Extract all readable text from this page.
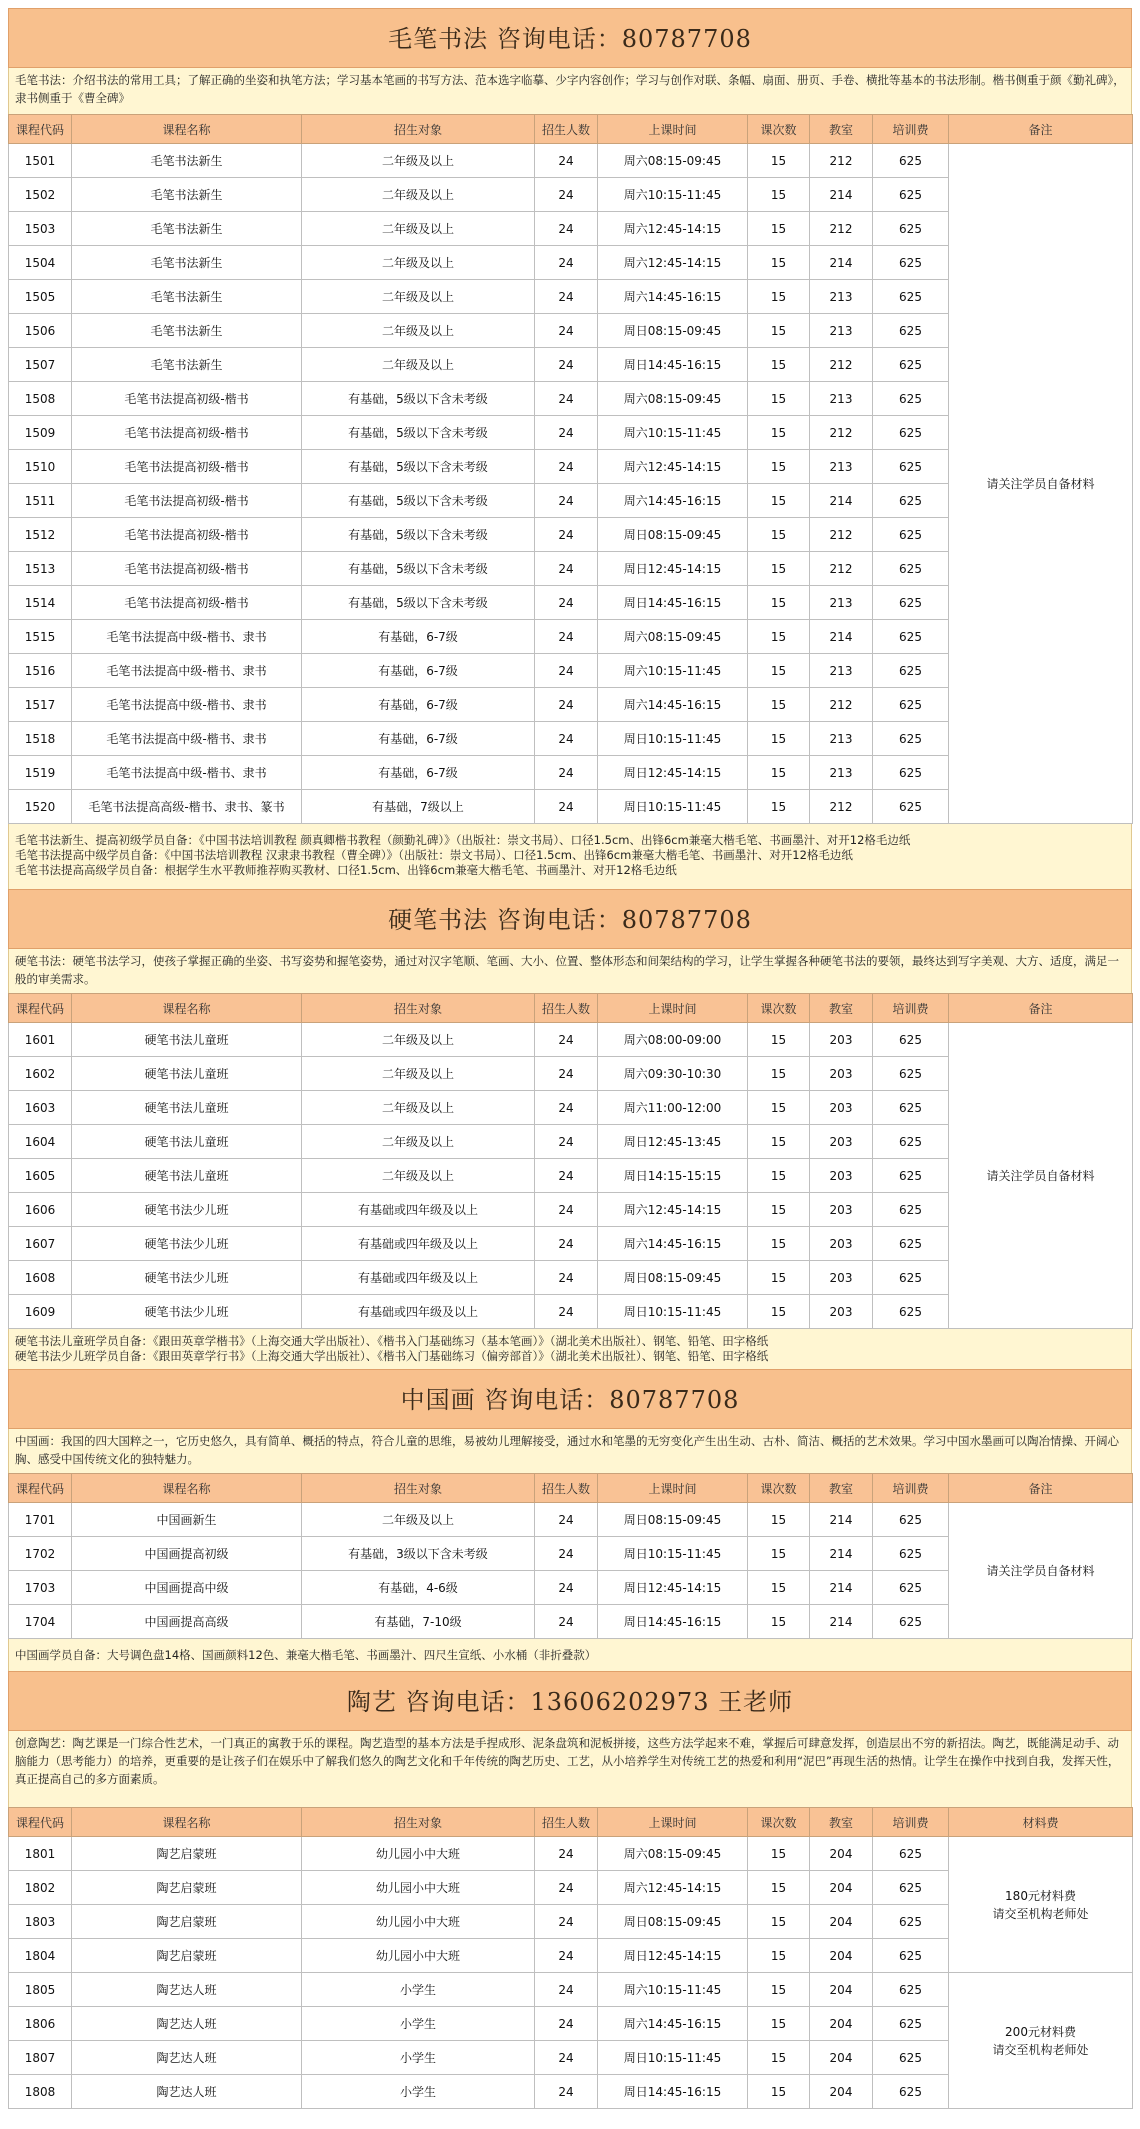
毛笔书法 咨询电话：80787708
毛笔书法：介绍书法的常用工具；了解正确的坐姿和执笔方法；学习基本笔画的书写方法、范本选字临摹、少字内容创作；学习与创作对联、条幅、扇面、册页、手卷、横批等基本的书法形制。楷书侧重于颜《勤礼碑》，隶书侧重于《曹全碑》
课程代码	课程名称	招生对象	招生人数	上课时间	课次数	教室	培训费	备注
1501	毛笔书法新生	二年级及以上	24	周六08:15-09:45	15	212	625	请关注学员自备材料
1502	毛笔书法新生	二年级及以上	24	周六10:15-11:45	15	214	625	
1503	毛笔书法新生	二年级及以上	24	周六12:45-14:15	15	212	625	
1504	毛笔书法新生	二年级及以上	24	周六12:45-14:15	15	214	625	
1505	毛笔书法新生	二年级及以上	24	周六14:45-16:15	15	213	625	
1506	毛笔书法新生	二年级及以上	24	周日08:15-09:45	15	213	625	
1507	毛笔书法新生	二年级及以上	24	周日14:45-16:15	15	212	625	
1508	毛笔书法提高初级-楷书	有基础，5级以下含未考级	24	周六08:15-09:45	15	213	625	
1509	毛笔书法提高初级-楷书	有基础，5级以下含未考级	24	周六10:15-11:45	15	212	625	
1510	毛笔书法提高初级-楷书	有基础，5级以下含未考级	24	周六12:45-14:15	15	213	625	
1511	毛笔书法提高初级-楷书	有基础，5级以下含未考级	24	周六14:45-16:15	15	214	625	
1512	毛笔书法提高初级-楷书	有基础，5级以下含未考级	24	周日08:15-09:45	15	212	625	
1513	毛笔书法提高初级-楷书	有基础，5级以下含未考级	24	周日12:45-14:15	15	212	625	
1514	毛笔书法提高初级-楷书	有基础，5级以下含未考级	24	周日14:45-16:15	15	213	625	
1515	毛笔书法提高中级-楷书、隶书	有基础，6-7级	24	周六08:15-09:45	15	214	625	
1516	毛笔书法提高中级-楷书、隶书	有基础，6-7级	24	周六10:15-11:45	15	213	625	
1517	毛笔书法提高中级-楷书、隶书	有基础，6-7级	24	周六14:45-16:15	15	212	625	
1518	毛笔书法提高中级-楷书、隶书	有基础，6-7级	24	周日10:15-11:45	15	213	625	
1519	毛笔书法提高中级-楷书、隶书	有基础，6-7级	24	周日12:45-14:15	15	213	625	
1520	毛笔书法提高高级-楷书、隶书、篆书	有基础，7级以上	24	周日10:15-11:45	15	212	625	
毛笔书法新生、提高初级学员自备：《中国书法培训教程 颜真卿楷书教程（颜勤礼碑）》（出版社：崇文书局）、口径1.5cm、出锋6cm兼毫大楷毛笔、书画墨汁、对开12格毛边纸
毛笔书法提高中级学员自备：《中国书法培训教程 汉隶隶书教程（曹全碑）》（出版社：崇文书局）、口径1.5cm、出锋6cm兼毫大楷毛笔、书画墨汁、对开12格毛边纸
毛笔书法提高高级学员自备：根据学生水平教师推荐购买教材、口径1.5cm、出锋6cm兼毫大楷毛笔、书画墨汁、对开12格毛边纸
硬笔书法 咨询电话：80787708
硬笔书法：硬笔书法学习，使孩子掌握正确的坐姿、书写姿势和握笔姿势，通过对汉字笔顺、笔画、大小、位置、整体形态和间架结构的学习，让学生掌握各种硬笔书法的要领，最终达到写字美观、大方、适度，满足一般的审美需求。
课程代码	课程名称	招生对象	招生人数	上课时间	课次数	教室	培训费	备注
1601	硬笔书法儿童班	二年级及以上	24	周六08:00-09:00	15	203	625	请关注学员自备材料
1602	硬笔书法儿童班	二年级及以上	24	周六09:30-10:30	15	203	625	
1603	硬笔书法儿童班	二年级及以上	24	周六11:00-12:00	15	203	625	
1604	硬笔书法儿童班	二年级及以上	24	周日12:45-13:45	15	203	625	
1605	硬笔书法儿童班	二年级及以上	24	周日14:15-15:15	15	203	625	
1606	硬笔书法少儿班	有基础或四年级及以上	24	周六12:45-14:15	15	203	625	
1607	硬笔书法少儿班	有基础或四年级及以上	24	周六14:45-16:15	15	203	625	
1608	硬笔书法少儿班	有基础或四年级及以上	24	周日08:15-09:45	15	203	625	
1609	硬笔书法少儿班	有基础或四年级及以上	24	周日10:15-11:45	15	203	625	
硬笔书法儿童班学员自备：《跟田英章学楷书》（上海交通大学出版社）、《楷书入门基础练习（基本笔画）》（湖北美术出版社）、钢笔、铅笔、田字格纸
硬笔书法少儿班学员自备：《跟田英章学行书》（上海交通大学出版社）、《楷书入门基础练习（偏旁部首）》（湖北美术出版社）、钢笔、铅笔、田字格纸
中国画 咨询电话：80787708
中国画：我国的四大国粹之一，它历史悠久，具有简单、概括的特点，符合儿童的思维，易被幼儿理解接受，通过水和笔墨的无穷变化产生出生动、古朴、简洁、概括的艺术效果。学习中国水墨画可以陶冶情操、开阔心胸、感受中国传统文化的独特魅力。
课程代码	课程名称	招生对象	招生人数	上课时间	课次数	教室	培训费	备注
1701	中国画新生	二年级及以上	24	周日08:15-09:45	15	214	625	请关注学员自备材料
1702	中国画提高初级	有基础，3级以下含未考级	24	周日10:15-11:45	15	214	625	
1703	中国画提高中级	有基础，4-6级	24	周日12:45-14:15	15	214	625	
1704	中国画提高高级	有基础，7-10级	24	周日14:45-16:15	15	214	625	
中国画学员自备：大号调色盘14格、国画颜料12色、兼毫大楷毛笔、书画墨汁、四尺生宣纸、小水桶（非折叠款）
陶艺 咨询电话：13606202973 王老师
创意陶艺：陶艺课是一门综合性艺术，一门真正的寓教于乐的课程。陶艺造型的基本方法是手捏成形、泥条盘筑和泥板拼接，这些方法学起来不难，掌握后可肆意发挥，创造层出不穷的新招法。陶艺，既能满足动手、动脑能力（思考能力）的培养，更重要的是让孩子们在娱乐中了解我们悠久的陶艺文化和千年传统的陶艺历史、工艺，从小培养学生对传统工艺的热爱和利用“泥巴”再现生活的热情。让学生在操作中找到自我，发挥天性，真正提高自己的多方面素质。
课程代码	课程名称	招生对象	招生人数	上课时间	课次数	教室	培训费	材料费
1801	陶艺启蒙班	幼儿园小中大班	24	周六08:15-09:45	15	204	625	180元材料费
请交至机构老师处
1802	陶艺启蒙班	幼儿园小中大班	24	周六12:45-14:15	15	204	625	
1803	陶艺启蒙班	幼儿园小中大班	24	周日08:15-09:45	15	204	625	
1804	陶艺启蒙班	幼儿园小中大班	24	周日12:45-14:15	15	204	625	
1805	陶艺达人班	小学生	24	周六10:15-11:45	15	204	625	200元材料费
请交至机构老师处
1806	陶艺达人班	小学生	24	周六14:45-16:15	15	204	625	
1807	陶艺达人班	小学生	24	周日10:15-11:45	15	204	625	
1808	陶艺达人班	小学生	24	周日14:45-16:15	15	204	625	
